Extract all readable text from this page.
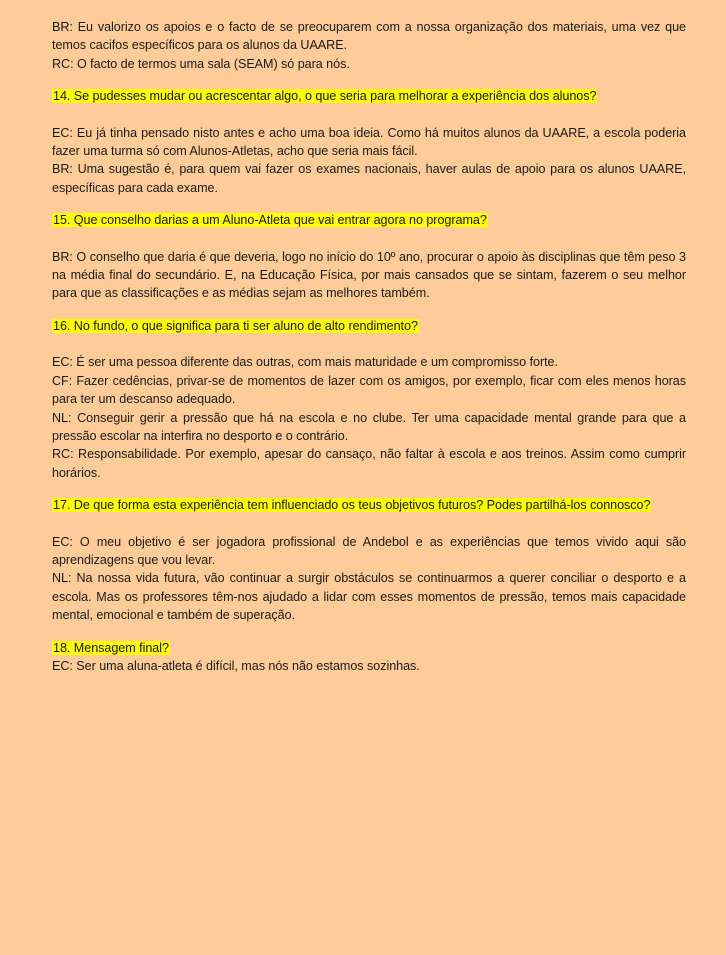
BR: Eu valorizo os apoios e o facto de se preocuparem com a nossa organização dos materiais, uma vez que temos cacifos específicos para os alunos da UAARE.

RC: O facto de termos uma sala (SEAM) só para nós.

14. Se pudesses mudar ou acrescentar algo, o que seria para melhorar a experiência dos alunos?

EC: Eu já tinha pensado nisto antes e acho uma boa ideia. Como há muitos alunos da UAARE, a escola poderia fazer uma turma só com Alunos-Atletas, acho que seria mais fácil.

BR: Uma sugestão é, para quem vai fazer os exames nacionais, haver aulas de apoio para os alunos UAARE, específicas para cada exame.

15. Que conselho darias a um Aluno-Atleta que vai entrar agora no programa?

BR: O conselho que daria é que deveria, logo no início do 10º ano, procurar o apoio às disciplinas que têm peso 3 na média final do secundário. E, na Educação Física, por mais cansados que se sintam, fazerem o seu melhor para que as classificações e as médias sejam as melhores também.

16. No fundo, o que significa para ti ser aluno de alto rendimento?

EC: É ser uma pessoa diferente das outras, com mais maturidade e um compromisso forte.

CF: Fazer cedências, privar-se de momentos de lazer com os amigos, por exemplo, ficar com eles menos horas para ter um descanso adequado.

NL: Conseguir gerir a pressão que há na escola e no clube. Ter uma capacidade mental grande para que a pressão escolar na interfira no desporto e o contrário.

RC: Responsabilidade. Por exemplo, apesar do cansaço, não faltar à escola e aos treinos. Assim como cumprir horários.

17. De que forma esta experiência tem influenciado os teus objetivos futuros? Podes partilhá-los connosco?

EC: O meu objetivo é ser jogadora profissional de Andebol e as experiências que temos vivido aqui são aprendizagens que vou levar.

NL: Na nossa vida futura, vão continuar a surgir obstáculos se continuarmos a querer conciliar o desporto e a escola. Mas os professores têm-nos ajudado a lidar com esses momentos de pressão, temos mais capacidade mental, emocional e também de superação.

18. Mensagem final?

EC: Ser uma aluna-atleta é difícil, mas nós não estamos sozinhas.
